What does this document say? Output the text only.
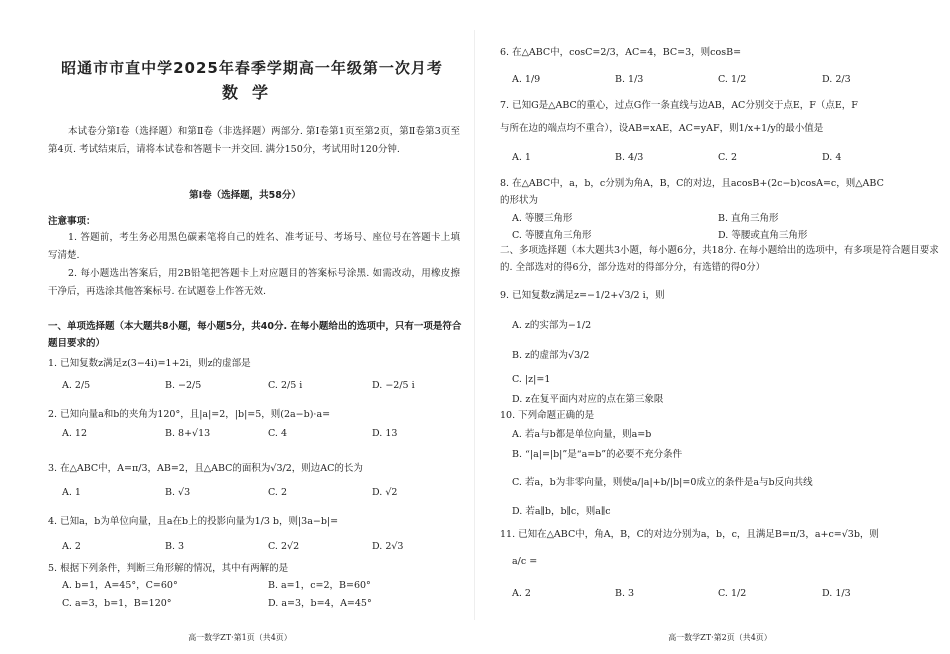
昭通市市直中学2025年春季学期高一年级第一次月考
数学
本试卷分第Ⅰ卷（选择题）和第Ⅱ卷（非选择题）两部分. 第Ⅰ卷第1页至第2页，第Ⅱ卷第3页至第4页. 考试结束后，请将本试卷和答题卡一并交回. 满分150分，考试用时120分钟.
第Ⅰ卷（选择题，共58分）
注意事项：
1. 答题前，考生务必用黑色碳素笔将自己的姓名、准考证号、考场号、座位号在答题卡上填写清楚.
2. 每小题选出答案后，用2B铅笔把答题卡上对应题目的答案标号涂黑. 如需改动，用橡皮擦干净后，再选涂其他答案标号. 在试题卷上作答无效.
一、单项选择题（本大题共8小题，每小题5分，共40分. 在每小题给出的选项中，只有一项是符合题目要求的）
1. 已知复数z满足z(3−4i)=1+2i，则z的虚部是
A. 2/5	B. −2/5	C. 2/5 i	D. −2/5 i
2. 已知向量a和b的夹角为120°，且|a|=2，|b|=5，则(2a−b)·a=
A. 12	B. 8+√13	C. 4	D. 13
3. 在△ABC中，A=π/3，AB=2，且△ABC的面积为√3/2，则边AC的长为
A. 1	B. √3	C. 2	D. √2
4. 已知a，b为单位向量，且a在b上的投影向量为1/3 b，则|3a−b|=
A. 2	B. 3	C. 2√2	D. 2√3
5. 根据下列条件，判断三角形解的情况，其中有两解的是
A. b=1，A=45°，C=60°	B. a=1，c=2，B=60°
C. a=3，b=1，B=120°	D. a=3，b=4，A=45°
高一数学ZT·第1页（共4页）
6. 在△ABC中，cosC=2/3，AC=4，BC=3，则cosB=
A. 1/9	B. 1/3	C. 1/2	D. 2/3
7. 已知G是△ABC的重心，过点G作一条直线与边AB，AC分别交于点E，F（点E，F
与所在边的端点均不重合），设AB=xAE，AC=yAF，则1/x+1/y的最小值是
A. 1	B. 4/3	C. 2	D. 4
8. 在△ABC中，a，b，c分别为角A，B，C的对边，且acosB+(2c−b)cosA=c，则△ABC
的形状为
A. 等腰三角形	B. 直角三角形
C. 等腰直角三角形	D. 等腰或直角三角形
二、多项选择题（本大题共3小题，每小题6分，共18分. 在每小题给出的选项中，有多项是符合题目要求的. 全部选对的得6分，部分选对的得部分分，有选错的得0分）
9. 已知复数z满足z=−1/2+√3/2 i，则
A. z的实部为−1/2
B. z的虚部为√3/2
C. |z|=1
D. z在复平面内对应的点在第三象限
10. 下列命题正确的是
A. 若a与b都是单位向量，则a=b
B. “|a|=|b|”是“a=b”的必要不充分条件
C. 若a，b为非零向量，则使a/|a|+b/|b|=0成立的条件是a与b反向共线
D. 若a∥b，b∥c，则a∥c
11. 已知在△ABC中，角A，B，C的对边分别为a，b，c，且满足B=π/3，a+c=√3b，则
a/c =
A. 2	B. 3	C. 1/2	D. 1/3
高一数学ZT·第2页（共4页）
